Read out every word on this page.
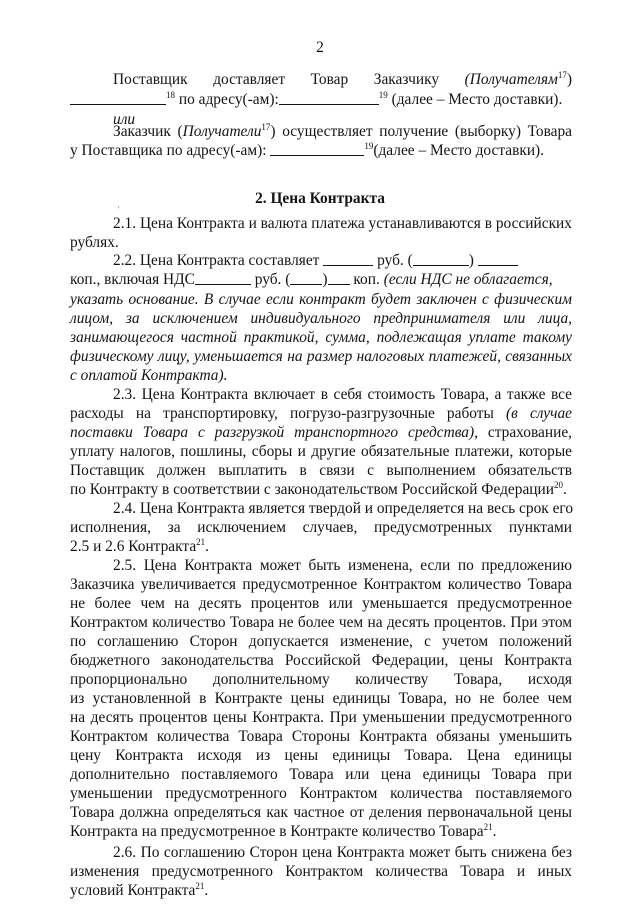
2
Поставщик доставляет Товар Заказчику (Получателям$^{17}$)
$^{18}$ по адресу(-ам):	$^{19}$ (далее – Место доставки).
или
Заказчик (Получатели$^{17}$) осуществляет получение (выборку) Товара
у Поставщика по адресу(-ам):	$^{19}$(далее – Место доставки).
'
2. Цена Контракта
2.1. Цена Контракта и валюта платежа устанавливаются в российских
рублях.
2.2. Цена Контракта составляет	руб. (	)
коп., включая НДС	руб. ( ) коп. (если НДС не облагается,
указать основание. В случае если контракт будет заключен с физическим
лицом, за исключением индивидуального предпринимателя или лица,
занимающегося частной практикой, сумма, подлежащая уплате такому
физическому лицу, уменьшается на размер налоговых платежей, связанных
с оплатой Контракта).
2.3. Цена Контракта включает в себя стоимость Товара, а также все
расходы на транспортировку, погрузо-разгрузочные работы (в случае
поставки Товара с разгрузкой транспортного средства), страхование,
уплату налогов, пошлины, сборы и другие обязательные платежи, которые
Поставщик должен выплатить в связи с выполнением обязательств
по Контракту в соответствии с законодательством Российской Федерации$^{20}$.
2.4. Цена Контракта является твердой и определяется на весь срок его
исполнения, за исключением случаев, предусмотренных пунктами
2.5 и 2.6 Контракта$^{21}$.
2.5. Цена Контракта может быть изменена, если по предложению
Заказчика увеличивается предусмотренное Контрактом количество Товара
не более чем на десять процентов или уменьшается предусмотренное
Контрактом количество Товара не более чем на десять процентов. При этом
по соглашению Сторон допускается изменение, с учетом положений
бюджетного законодательства Российской Федерации, цены Контракта
пропорционально дополнительному количеству Товара, исходя
из установленной в Контракте цены единицы Товара, но не более чем
на десять процентов цены Контракта. При уменьшении предусмотренного
Контрактом количества Товара Стороны Контракта обязаны уменьшить
цену Контракта исходя из цены единицы Товара. Цена единицы
дополнительно поставляемого Товара или цена единицы Товара при
уменьшении предусмотренного Контрактом количества поставляемого
Товара должна определяться как частное от деления первоначальной цены
Контракта на предусмотренное в Контракте количество Товара$^{21}$.
2.6. По соглашению Сторон цена Контракта может быть снижена без
изменения предусмотренного Контрактом количества Товара и иных
условий Контракта$^{21}$.
